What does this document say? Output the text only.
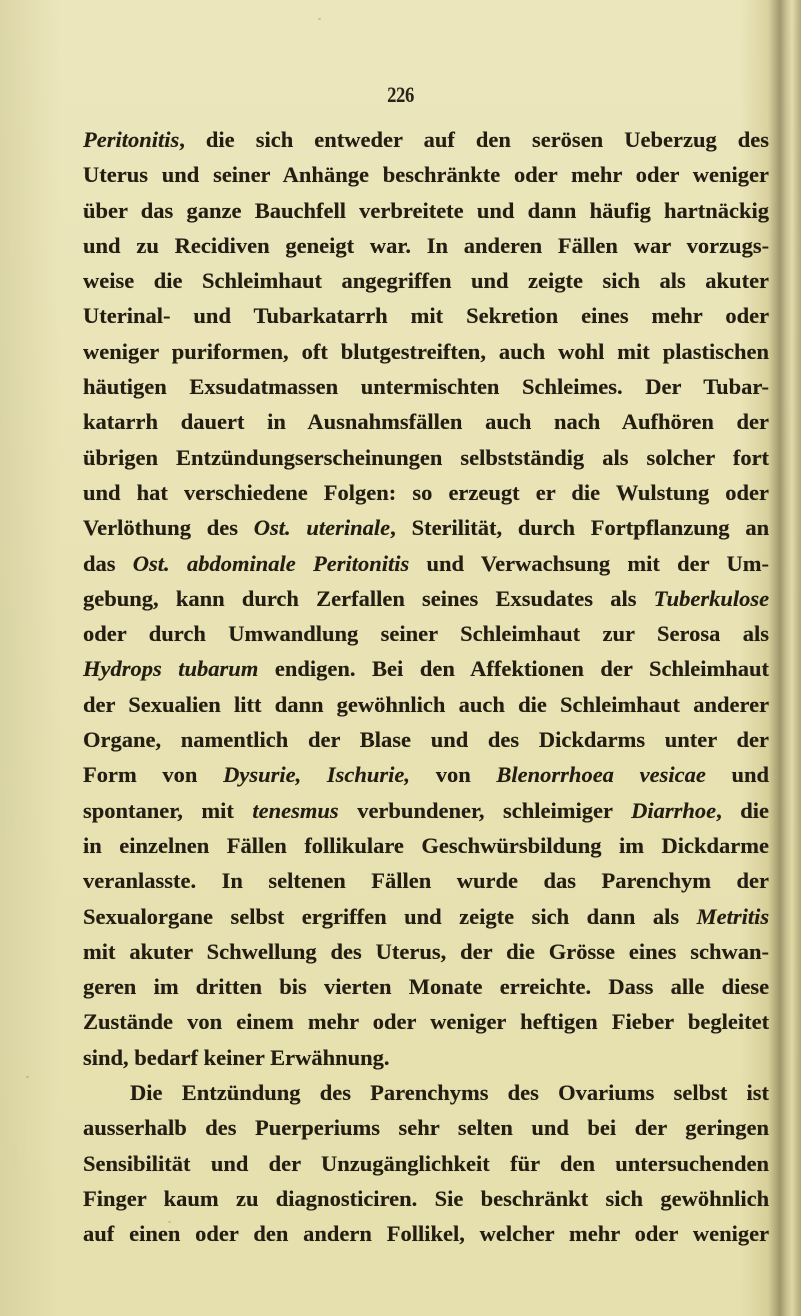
226
Peritonitis, die sich entweder auf den serösen Ueberzug des
Uterus und seiner Anhänge beschränkte oder mehr oder weniger
über das ganze Bauchfell verbreitete und dann häufig hartnäckig
und zu Recidiven geneigt war. In anderen Fällen war vorzugs-
weise die Schleimhaut angegriffen und zeigte sich als akuter
Uterinal- und Tubarkatarrh mit Sekretion eines mehr oder
weniger puriformen, oft blutgestreiften, auch wohl mit plastischen
häutigen Exsudatmassen untermischten Schleimes. Der Tubar-
katarrh dauert in Ausnahmsfällen auch nach Aufhören der
übrigen Entzündungserscheinungen selbstständig als solcher fort
und hat verschiedene Folgen: so erzeugt er die Wulstung oder
Verlöthung des Ost. uterinale, Sterilität, durch Fortpflanzung an
das Ost. abdominale Peritonitis und Verwachsung mit der Um-
gebung, kann durch Zerfallen seines Exsudates als Tuberkulose
oder durch Umwandlung seiner Schleimhaut zur Serosa als
Hydrops tubarum endigen. Bei den Affektionen der Schleimhaut
der Sexualien litt dann gewöhnlich auch die Schleimhaut anderer
Organe, namentlich der Blase und des Dickdarms unter der
Form von Dysurie, Ischurie, von Blenorrhoea vesicae und
spontaner, mit tenesmus verbundener, schleimiger Diarrhoe, die
in einzelnen Fällen follikulare Geschwürsbildung im Dickdarme
veranlasste. In seltenen Fällen wurde das Parenchym der
Sexualorgane selbst ergriffen und zeigte sich dann als Metritis
mit akuter Schwellung des Uterus, der die Grösse eines schwan-
geren im dritten bis vierten Monate erreichte. Dass alle diese
Zustände von einem mehr oder weniger heftigen Fieber begleitet
sind, bedarf keiner Erwähnung.
Die Entzündung des Parenchyms des Ovariums selbst ist
ausserhalb des Puerperiums sehr selten und bei der geringen
Sensibilität und der Unzugänglichkeit für den untersuchenden
Finger kaum zu diagnosticiren. Sie beschränkt sich gewöhnlich
auf einen oder den andern Follikel, welcher mehr oder weniger
